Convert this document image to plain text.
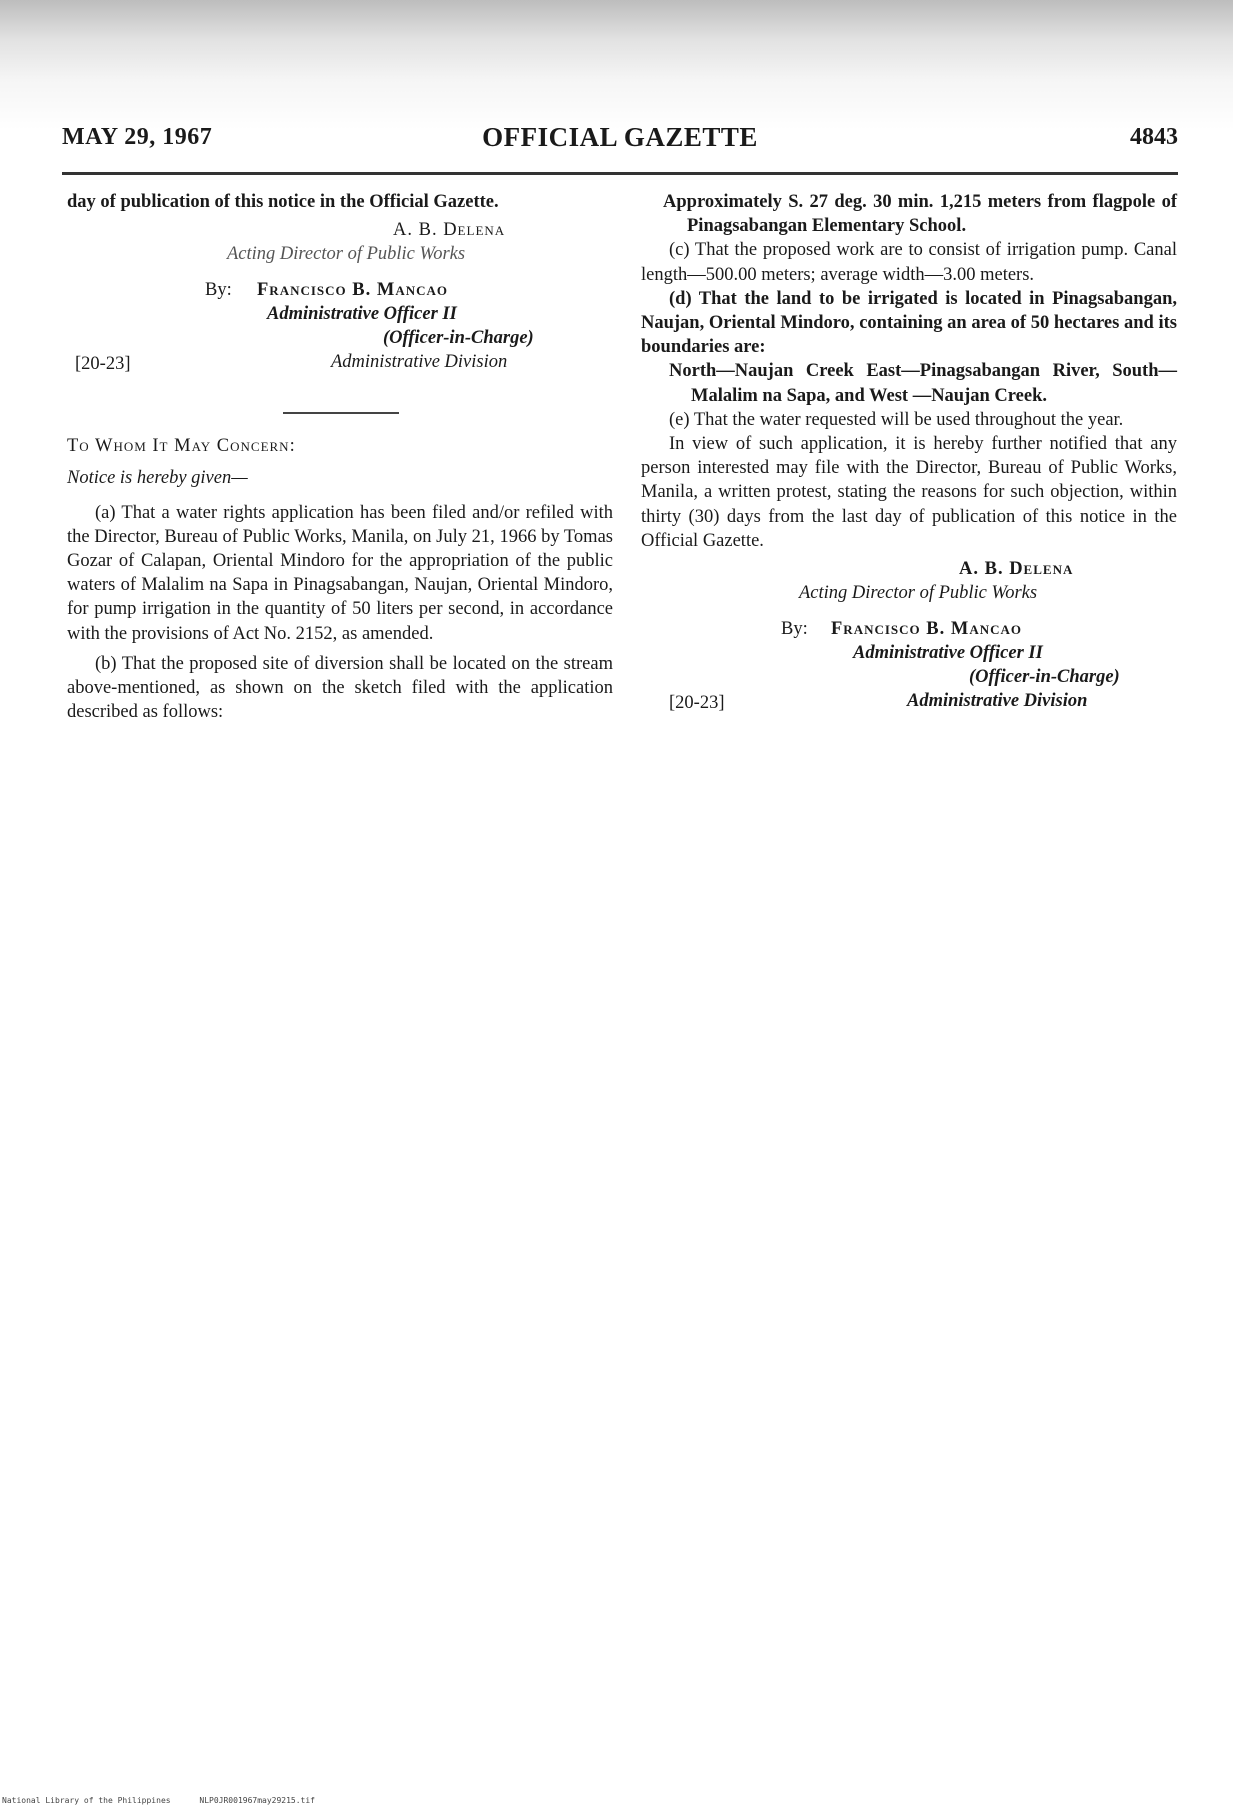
MAY 29, 1967	OFFICIAL GAZETTE	4843

day of publication of this notice in the Official Gazette.

A. B. Delena
Acting Director of Public Works
By: Francisco B. Mancao
Administrative Officer II
(Officer-in-Charge)
[20-23]	Administrative Division

To Whom It May Concern:

Notice is hereby given—

(a) That a water rights application has been filed and/or refiled with the Director, Bureau of Public Works, Manila, on July 21, 1966 by Tomas Gozar of Calapan, Oriental Mindoro for the appropriation of the public waters of Malalim na Sapa in Pinagsabangan, Naujan, Oriental Mindoro, for pump irrigation in the quantity of 50 liters per second, in accordance with the provisions of Act No. 2152, as amended.

(b) That the proposed site of diversion shall be located on the stream above-mentioned, as shown on the sketch filed with the application described as follows:

Approximately S. 27 deg. 30 min. 1,215 meters from flagpole of Pinagsabangan Elementary School.

(c) That the proposed work are to consist of irrigation pump. Canal length—500.00 meters; average width—3.00 meters.

(d) That the land to be irrigated is located in Pinagsabangan, Naujan, Oriental Mindoro, containing an area of 50 hectares and its boundaries are:

North—Naujan Creek East—Pinagsabangan River, South—Malalim na Sapa, and West —Naujan Creek.

(e) That the water requested will be used throughout the year.

In view of such application, it is hereby further notified that any person interested may file with the Director, Bureau of Public Works, Manila, a written protest, stating the reasons for such objection, within thirty (30) days from the last day of publication of this notice in the Official Gazette.

A. B. Delena
Acting Director of Public Works
By: Francisco B. Mancao
Administrative Officer II
(Officer-in-Charge)
[20-23]	Administrative Division
National Library of the Philippines	NLP0JR001967may29215.tif
